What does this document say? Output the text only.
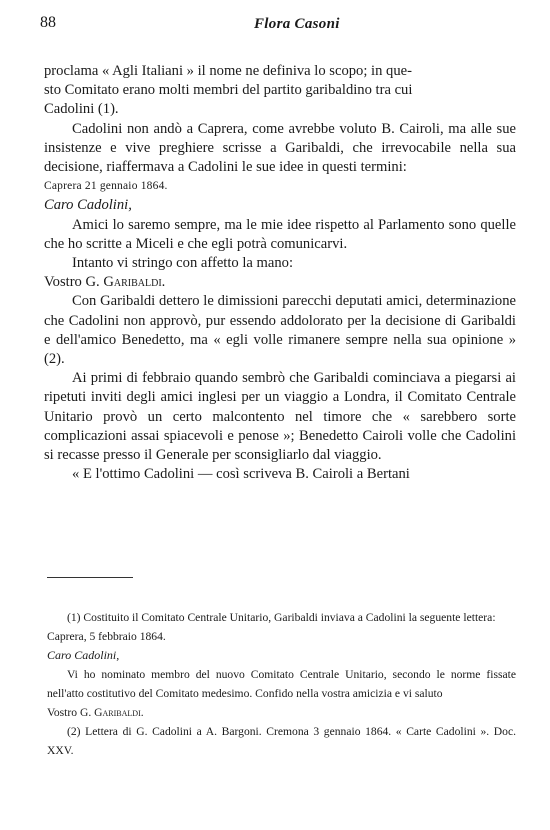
88	Flora Casoni

proclama « Agli Italiani » il nome ne definiva lo scopo; in que-

sto Comitato erano molti membri del partito garibaldino tra cui

Cadolini (1).

Cadolini non andò a Caprera, come avrebbe voluto B. Cairoli, ma alle sue insistenze e vive preghiere scrisse a Garibaldi, che irrevocabile nella sua decisione, riaffermava a Cadolini le sue idee in questi termini:

Caprera 21 gennaio 1864.

Caro Cadolini,

Amici lo saremo sempre, ma le mie idee rispetto al Parlamento sono quelle che ho scritte a Miceli e che egli potrà comunicarvi.

Intanto vi stringo con affetto la mano:

Vostro G. Garibaldi.

Con Garibaldi dettero le dimissioni parecchi deputati amici, determinazione che Cadolini non approvò, pur essendo addolorato per la decisione di Garibaldi e dell'amico Benedetto, ma « egli volle rimanere sempre nella sua opinione » (2).

Ai primi di febbraio quando sembrò che Garibaldi cominciava a piegarsi ai ripetuti inviti degli amici inglesi per un viaggio a Londra, il Comitato Centrale Unitario provò un certo malcontento nel timore che « sarebbero sorte complicazioni assai spiacevoli e penose »; Benedetto Cairoli volle che Cadolini si recasse presso il Generale per sconsigliarlo dal viaggio.

« E l'ottimo Cadolini — così scriveva B. Cairoli a Bertani

(1) Costituito il Comitato Centrale Unitario, Garibaldi inviava a Cadolini la seguente lettera:

Caprera, 5 febbraio 1864.

Caro Cadolini,

Vi ho nominato membro del nuovo Comitato Centrale Unitario, secondo le norme fissate nell'atto costitutivo del Comitato medesimo. Confido nella vostra amicizia e vi saluto

Vostro G. Garibaldi.

(2) Lettera di G. Cadolini a A. Bargoni. Cremona 3 gennaio 1864. « Carte Cadolini ». Doc. XXV.
